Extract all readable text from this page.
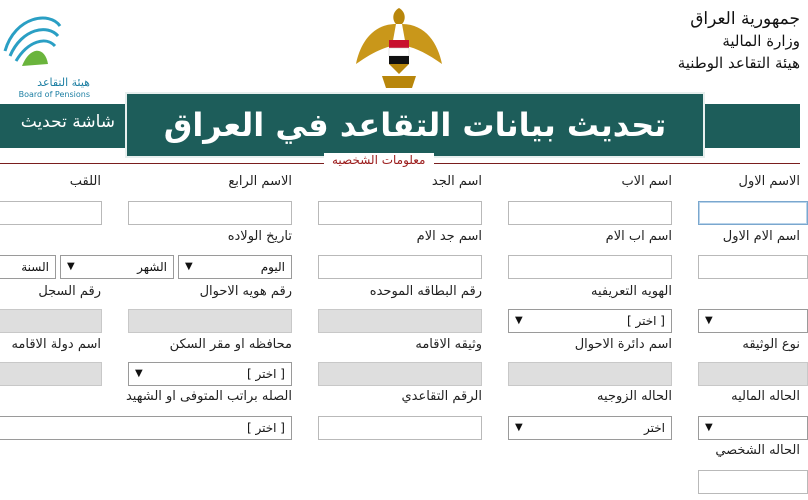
هيئة التقاعد
Board of Pensions
جمهورية العراق
وزارة المالية
هيئة التقاعد الوطنية
شاشة تحديث	تحديث بيانات التقاعد في العراق
معلومات الشخصيه
الاسم الاول
اسم الاب
اسم الجد
الاسم الرابع
اللقب
اسم الام الاول
اسم اب الام
اسم جد الام
تاريخ الولاده
اليوم
▼
الشهر
▼
السنة
الهويه التعريفيه
رقم البطاقه الموحده
رقم هويه الاحوال
رقم السجل
▼
[ اختر ]
▼
نوع الوثيقه
اسم دائرة الاحوال
وثيقه الاقامه
محافظه او مقر السكن
اسم دولة الاقامه
[ اختر ]
▼
الحاله الماليه
الحاله الزوجيه
الرقم التقاعدي
الصله براتب المتوفى او الشهيد
▼
اختر
▼
[ اختر ]
الحاله الشخصي
